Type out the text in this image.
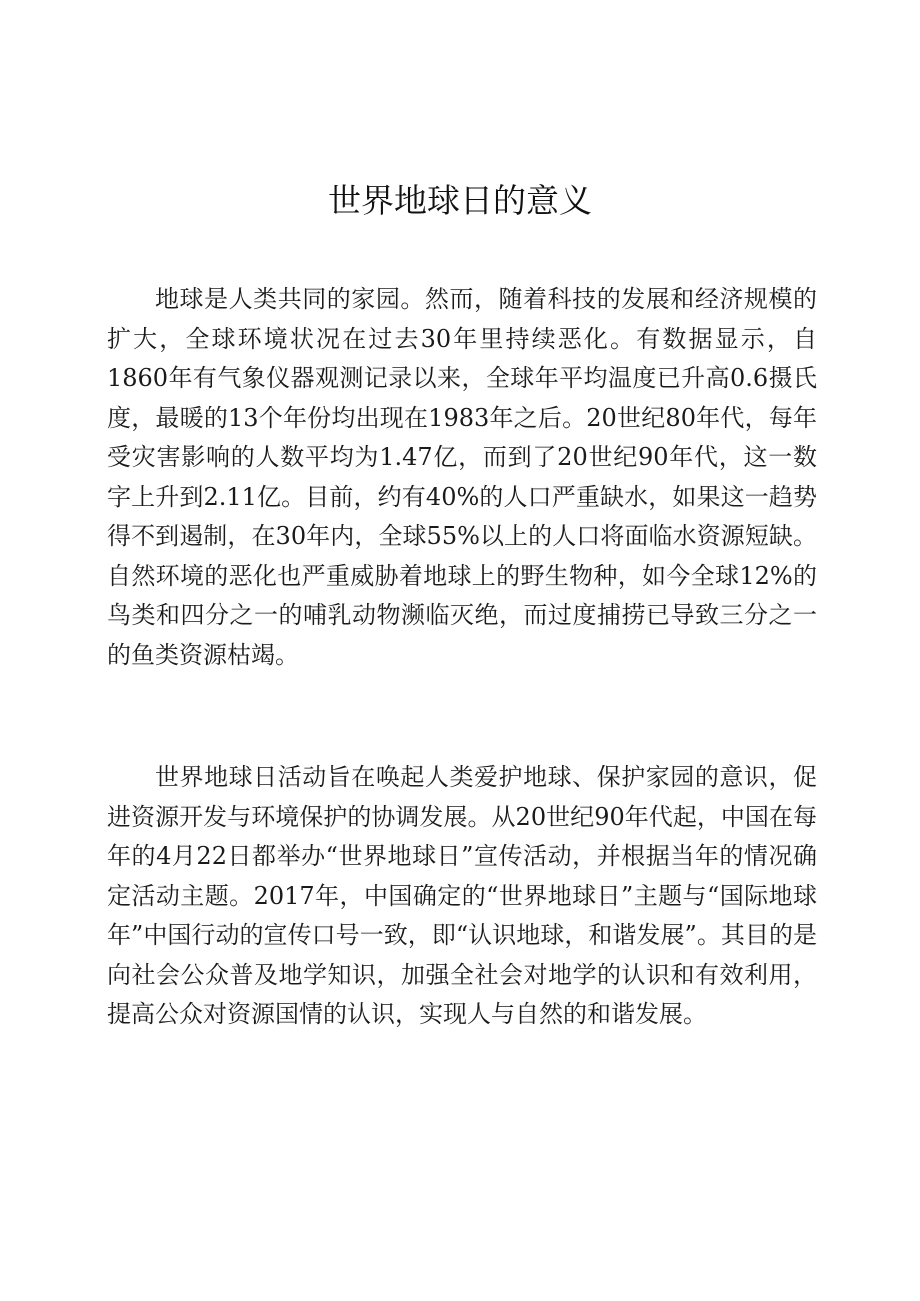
世界地球日的意义

地球是人类共同的家园。然而，随着科技的发展和经济规模的扩大，全球环境状况在过去30年里持续恶化。有数据显示，自1860年有气象仪器观测记录以来，全球年平均温度已升高0.6摄氏度，最暖的13个年份均出现在1983年之后。20世纪80年代，每年受灾害影响的人数平均为1.47亿，而到了20世纪90年代，这一数字上升到2.11亿。目前，约有40%的人口严重缺水，如果这一趋势得不到遏制，在30年内，全球55%以上的人口将面临水资源短缺。自然环境的恶化也严重威胁着地球上的野生物种，如今全球12%的鸟类和四分之一的哺乳动物濒临灭绝，而过度捕捞已导致三分之一的鱼类资源枯竭。

世界地球日活动旨在唤起人类爱护地球、保护家园的意识，促进资源开发与环境保护的协调发展。从20世纪90年代起，中国在每年的4月22日都举办“世界地球日”宣传活动，并根据当年的情况确定活动主题。2017年，中国确定的“世界地球日”主题与“国际地球年”中国行动的宣传口号一致，即“认识地球，和谐发展”。其目的是向社会公众普及地学知识，加强全社会对地学的认识和有效利用，提高公众对资源国情的认识，实现人与自然的和谐发展。
